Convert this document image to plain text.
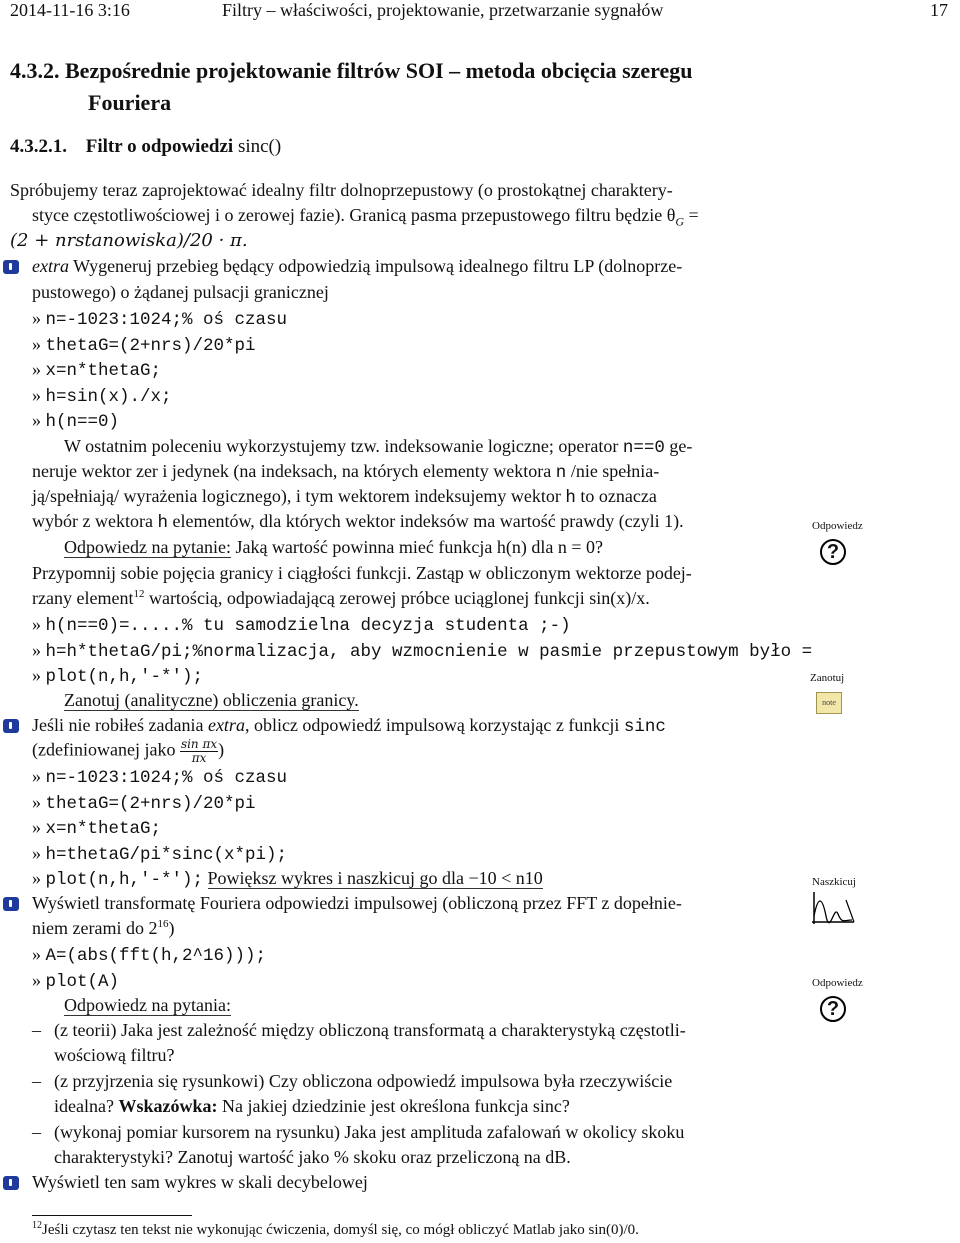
2014-11-16 3:16	Filtry – właściwości, projektowanie, przetwarzanie sygnałów	17
4.3.2. Bezpośrednie projektowanie filtrów SOI – metoda obcięcia szeregu
Fouriera
4.3.2.1. Filtr o odpowiedzi sinc()
Spróbujemy teraz zaprojektować idealny filtr dolnoprzepustowy (o prostokątnej charaktery-
styce częstotliwościowej i o zerowej fazie). Granicą pasma przepustowego filtru będzie $\theta_G$ =
(2 + nrstanowiska)/20 · π.
extra Wygeneruj przebieg będący odpowiedzią impulsową idealnego filtru LP (dolnoprze-
pustowego) o żądanej pulsacji granicznej
» n=-1023:1024;% oś czasu
» thetaG=(2+nrs)/20*pi
» x=n*thetaG;
» h=sin(x)./x;
» h(n==0)
W ostatnim poleceniu wykorzystujemy tzw. indeksowanie logiczne; operator n==0 ge-
neruje wektor zer i jedynek (na indeksach, na których elementy wektora n /nie spełnia-
ją/spełniają/ wyrażenia logicznego), i tym wektorem indeksujemy wektor h to oznacza
wybór z wektora h elementów, dla których wektor indeksów ma wartość prawdy (czyli 1).
Odpowiedz na pytanie: Jaką wartość powinna mieć funkcja h(n) dla n = 0?
Przypomnij sobie pojęcia granicy i ciągłości funkcji. Zastąp w obliczonym wektorze podej-
rzany element$^{12}$ wartością, odpowiadającą zerowej próbce uciąglonej funkcji sin(x)/x.
» h(n==0)=.....% tu samodzielna decyzja studenta ;-)
» h=h*thetaG/pi;%normalizacja, aby wzmocnienie w pasmie przepustowym było =
» plot(n,h,'-*');
Zanotuj (analityczne) obliczenia granicy.
Jeśli nie robiłeś zadania extra, oblicz odpowiedź impulsową korzystając z funkcji sinc
(zdefiniowanej jako $\frac{\text{sin πx}}{\pi x}$ )
» n=-1023:1024;% oś czasu
» thetaG=(2+nrs)/20*pi
» x=n*thetaG;
» h=thetaG/pi*sinc(x*pi);
» plot(n,h,'-*'); Powiększ wykres i naszkicuj go dla −10 < n10
Wyświetl transformatę Fouriera odpowiedzi impulsowej (obliczoną przez FFT z dopełnie-
niem zerami do $2^{16}$)
» A=(abs(fft(h,2^16)));
» plot(A)
Odpowiedz na pytania:
– (z teorii) Jaka jest zależność między obliczoną transformatą a charakterystyką częstotli-
wościową filtru?
– (z przyjrzenia się rysunkowi) Czy obliczona odpowiedź impulsowa była rzeczywiście
idealna? Wskazówka: Na jakiej dziedzinie jest określona funkcja sinc?
– (wykonaj pomiar kursorem na rysunku) Jaka jest amplituda zafalowań w okolicy skoku
charakterystyki? Zanotuj wartość jako % skoku oraz przeliczoną na dB.
Wyświetl ten sam wykres w skali decybelowej
Odpowiedz
?
Zanotuj
note
Naszkicuj
Odpowiedz
?
$^{12}$Jeśli czytasz ten tekst nie wykonując ćwiczenia, domyśl się, co mógł obliczyć Matlab jako sin(0)/0.
